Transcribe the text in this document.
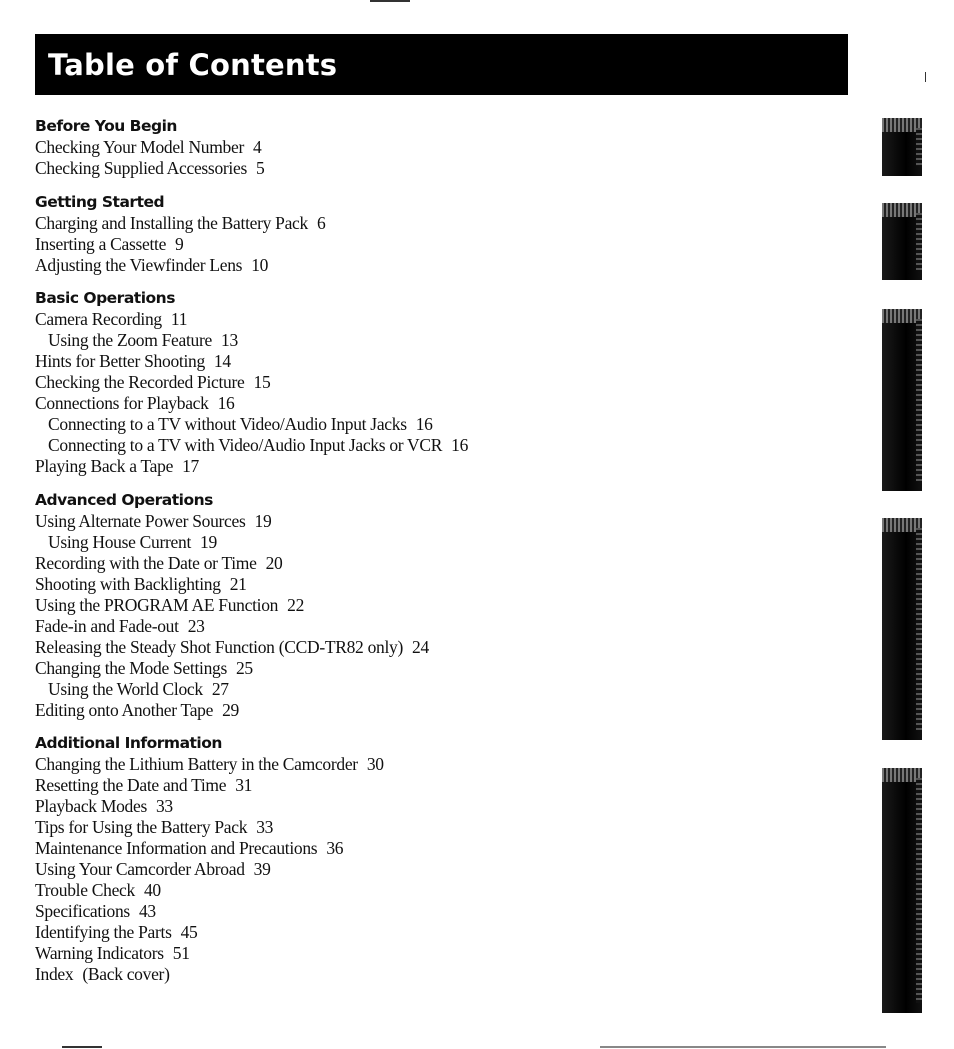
Table of Contents
Before You Begin
Checking Your Model Number 4
Checking Supplied Accessories 5
Getting Started
Charging and Installing the Battery Pack 6
Inserting a Cassette 9
Adjusting the Viewfinder Lens 10
Basic Operations
Camera Recording 11
Using the Zoom Feature 13
Hints for Better Shooting 14
Checking the Recorded Picture 15
Connections for Playback 16
Connecting to a TV without Video/Audio Input Jacks 16
Connecting to a TV with Video/Audio Input Jacks or VCR 16
Playing Back a Tape 17
Advanced Operations
Using Alternate Power Sources 19
Using House Current 19
Recording with the Date or Time 20
Shooting with Backlighting 21
Using the PROGRAM AE Function 22
Fade-in and Fade-out 23
Releasing the Steady Shot Function (CCD-TR82 only) 24
Changing the Mode Settings 25
Using the World Clock 27
Editing onto Another Tape 29
Additional Information
Changing the Lithium Battery in the Camcorder 30
Resetting the Date and Time 31
Playback Modes 33
Tips for Using the Battery Pack 33
Maintenance Information and Precautions 36
Using Your Camcorder Abroad 39
Trouble Check 40
Specifications 43
Identifying the Parts 45
Warning Indicators 51
Index (Back cover)
